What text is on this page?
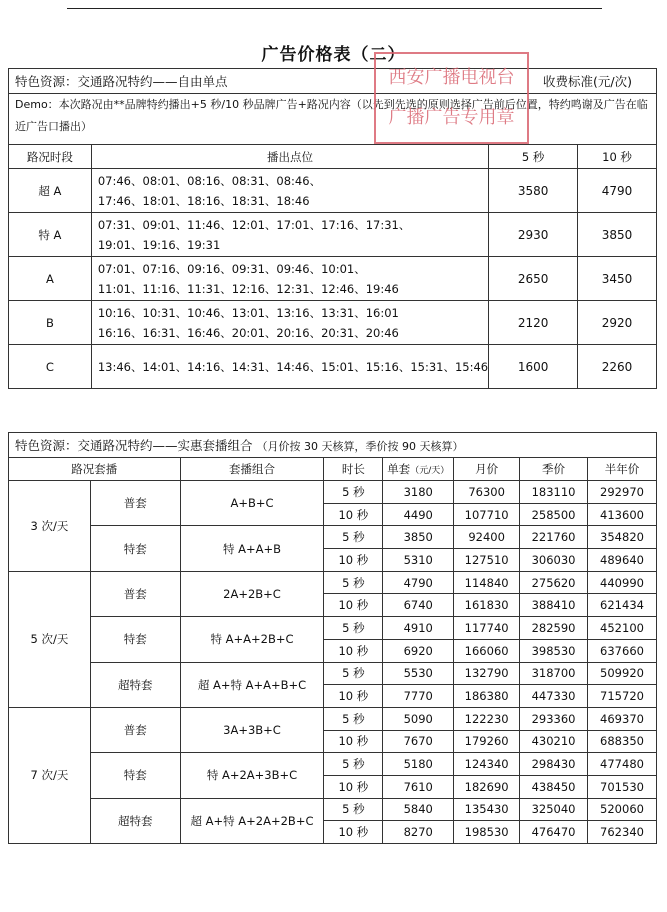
广告价格表（二）
特色资源：交通路况特约——自由单点 收费标准(元/次)			

Demo：本次路况由**品牌特约播出+5 秒/10 秒品牌广告+路况内容（以先到先选的原则选择广告前后位置，特约鸣谢及广告在临近广告口播出）			
路况时段	播出点位	5 秒	10 秒
超 A	07:46、08:01、08:16、08:31、08:46、
17:46、18:01、18:16、18:31、18:46	3580	4790
特 A	07:31、09:01、11:46、12:01、17:01、17:16、17:31、
19:01、19:16、19:31	2930	3850
A	07:01、07:16、09:16、09:31、09:46、10:01、
11:01、11:16、11:31、12:16、12:31、12:46、19:46	2650	3450
B	10:16、10:31、10:46、13:01、13:16、13:31、16:01
16:16、16:31、16:46、20:01、20:16、20:31、20:46	2120	2920
C	13:46、14:01、14:16、14:31、14:46、15:01、15:16、15:31、15:46	1600	2260
西安广播电视台
广播广告专用章
特色资源：交通路况特约——实惠套播组合 （月价按 30 天核算，季价按 90 天核算）							
路况套播		套播组合	时长	单套（元/天）	月价	季价	半年价
3 次/天	普套	A+B+C	5 秒	3180	76300	183110	292970
			10 秒	4490	107710	258500	413600
	特套	特 A+A+B	5 秒	3850	92400	221760	354820
			10 秒	5310	127510	306030	489640
5 次/天	普套	2A+2B+C	5 秒	4790	114840	275620	440990
			10 秒	6740	161830	388410	621434
	特套	特 A+A+2B+C	5 秒	4910	117740	282590	452100
			10 秒	6920	166060	398530	637660
	超特套	超 A+特 A+A+B+C	5 秒	5530	132790	318700	509920
			10 秒	7770	186380	447330	715720
7 次/天	普套	3A+3B+C	5 秒	5090	122230	293360	469370
			10 秒	7670	179260	430210	688350
	特套	特 A+2A+3B+C	5 秒	5180	124340	298430	477480
			10 秒	7610	182690	438450	701530
	超特套	超 A+特 A+2A+2B+C	5 秒	5840	135430	325040	520060
			10 秒	8270	198530	476470	762340
